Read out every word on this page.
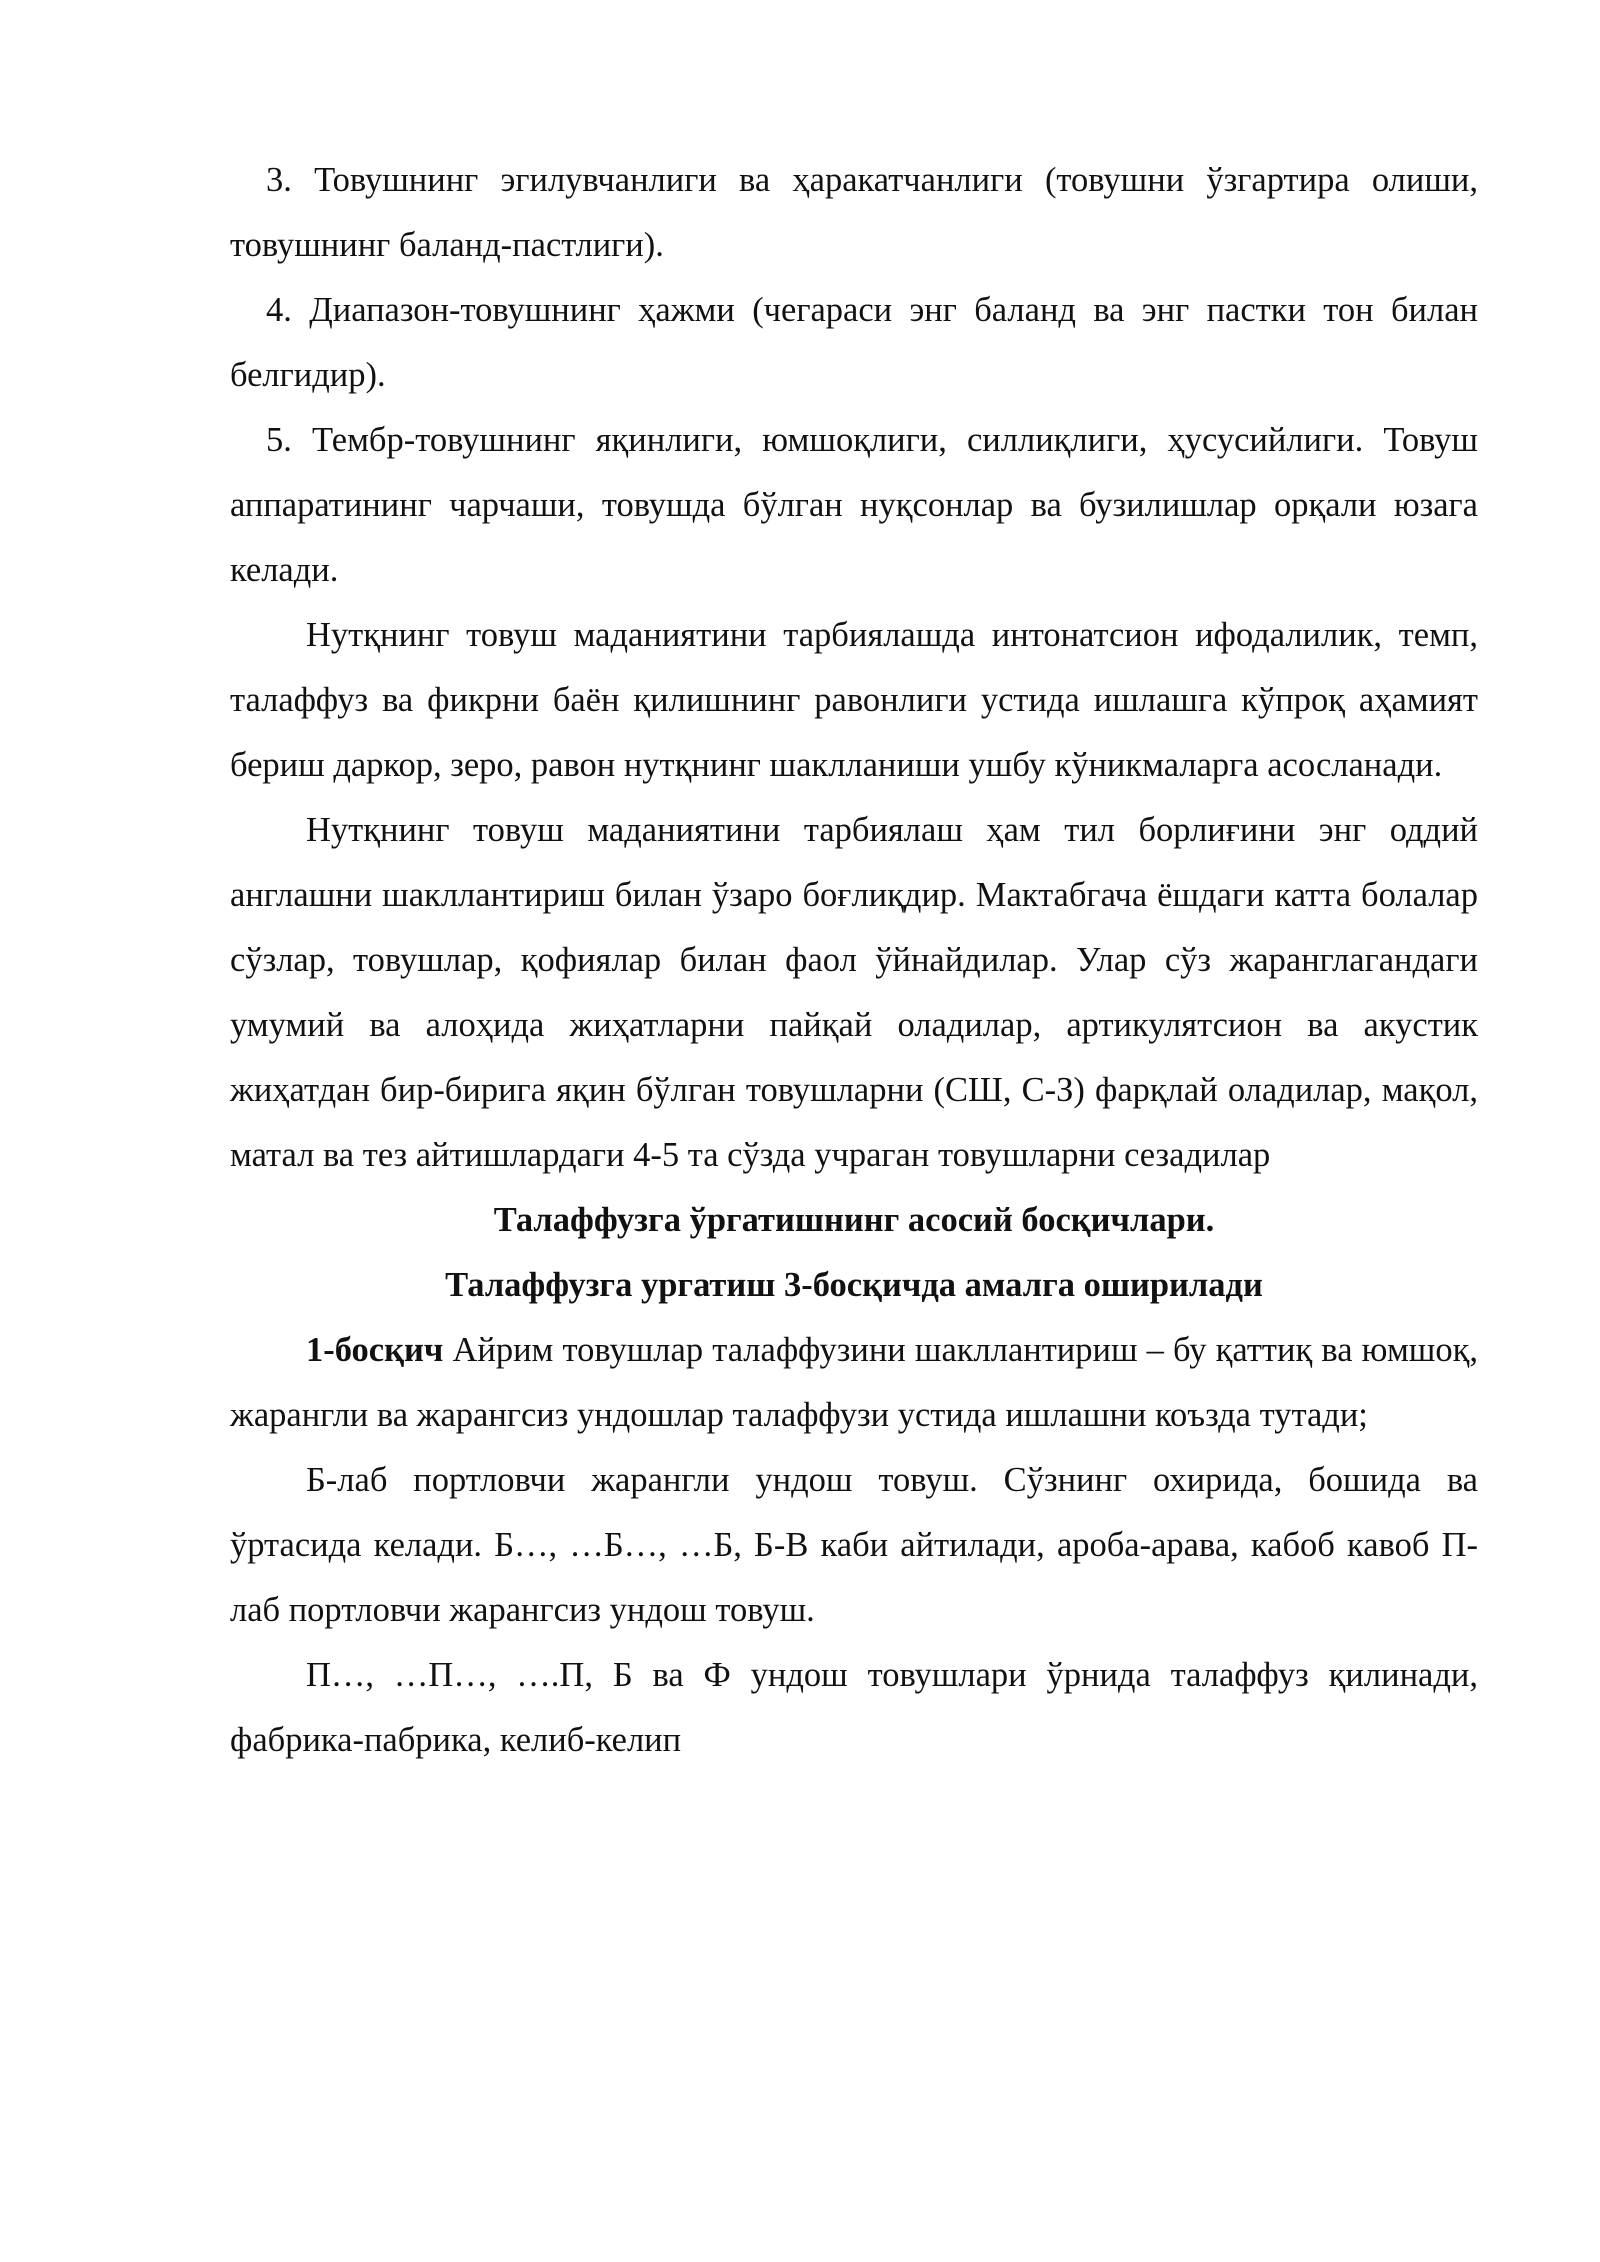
3. Товушнинг эгилувчанлиги ва ҳаракатчанлиги (товушни ўзгартира олиши, товушнинг баланд-пастлиги).

4. Диапазон-товушнинг ҳажми (чегараси энг баланд ва энг пастки тон билан белгидир).

5. Тембр-товушнинг яқинлиги, юмшоқлиги, силлиқлиги, ҳусусийлиги. Товуш аппаратининг чарчаши, товушда бўлган нуқсонлар ва бузилишлар орқали юзага келади.

Нутқнинг товуш маданиятини тарбиялашда интонатсион ифодалилик, темп, талаффуз ва фикрни баён қилишнинг равонлиги устида ишлашга кўпроқ аҳамият бериш даркор, зеро, равон нутқнинг шаклланиши ушбу кўникмаларга асосланади.

Нутқнинг товуш маданиятини тарбиялаш ҳам тил борлиғини энг оддий англашни шакллантириш билан ўзаро боғлиқдир. Мактабгача ёшдаги катта болалар сўзлар, товушлар, қофиялар билан фаол ўйнайдилар. Улар сўз жаранглагандаги умумий ва алоҳида жиҳатларни пайқай оладилар, артикулятсион ва акустик жиҳатдан бир-бирига яқин бўлган товушларни (СШ, С-З) фарқлай оладилар, мақол, матал ва тез айтишлардаги 4-5 та сўзда учраган товушларни сезадилар

Талаффузга ўргатишнинг асосий босқичлари.

Талаффузга ургатиш 3-босқичда амалга оширилади

1-босқич Айрим товушлар талаффузини шакллантириш – бу қаттиқ ва юмшоқ, жарангли ва жарангсиз ундошлар талаффузи устида ишлашни коъзда тутади;

Б-лаб портловчи жарангли ундош товуш. Сўзнинг охирида, бошида ва ўртасида келади. Б…, …Б…, …Б, Б-В каби айтилади, ароба-арава, кабоб кавоб П-лаб портловчи жарангсиз ундош товуш.

П…, …П…, ….П, Б ва Ф ундош товушлари ўрнида талаффуз қилинади, фабрика-пабрика, келиб-келип
